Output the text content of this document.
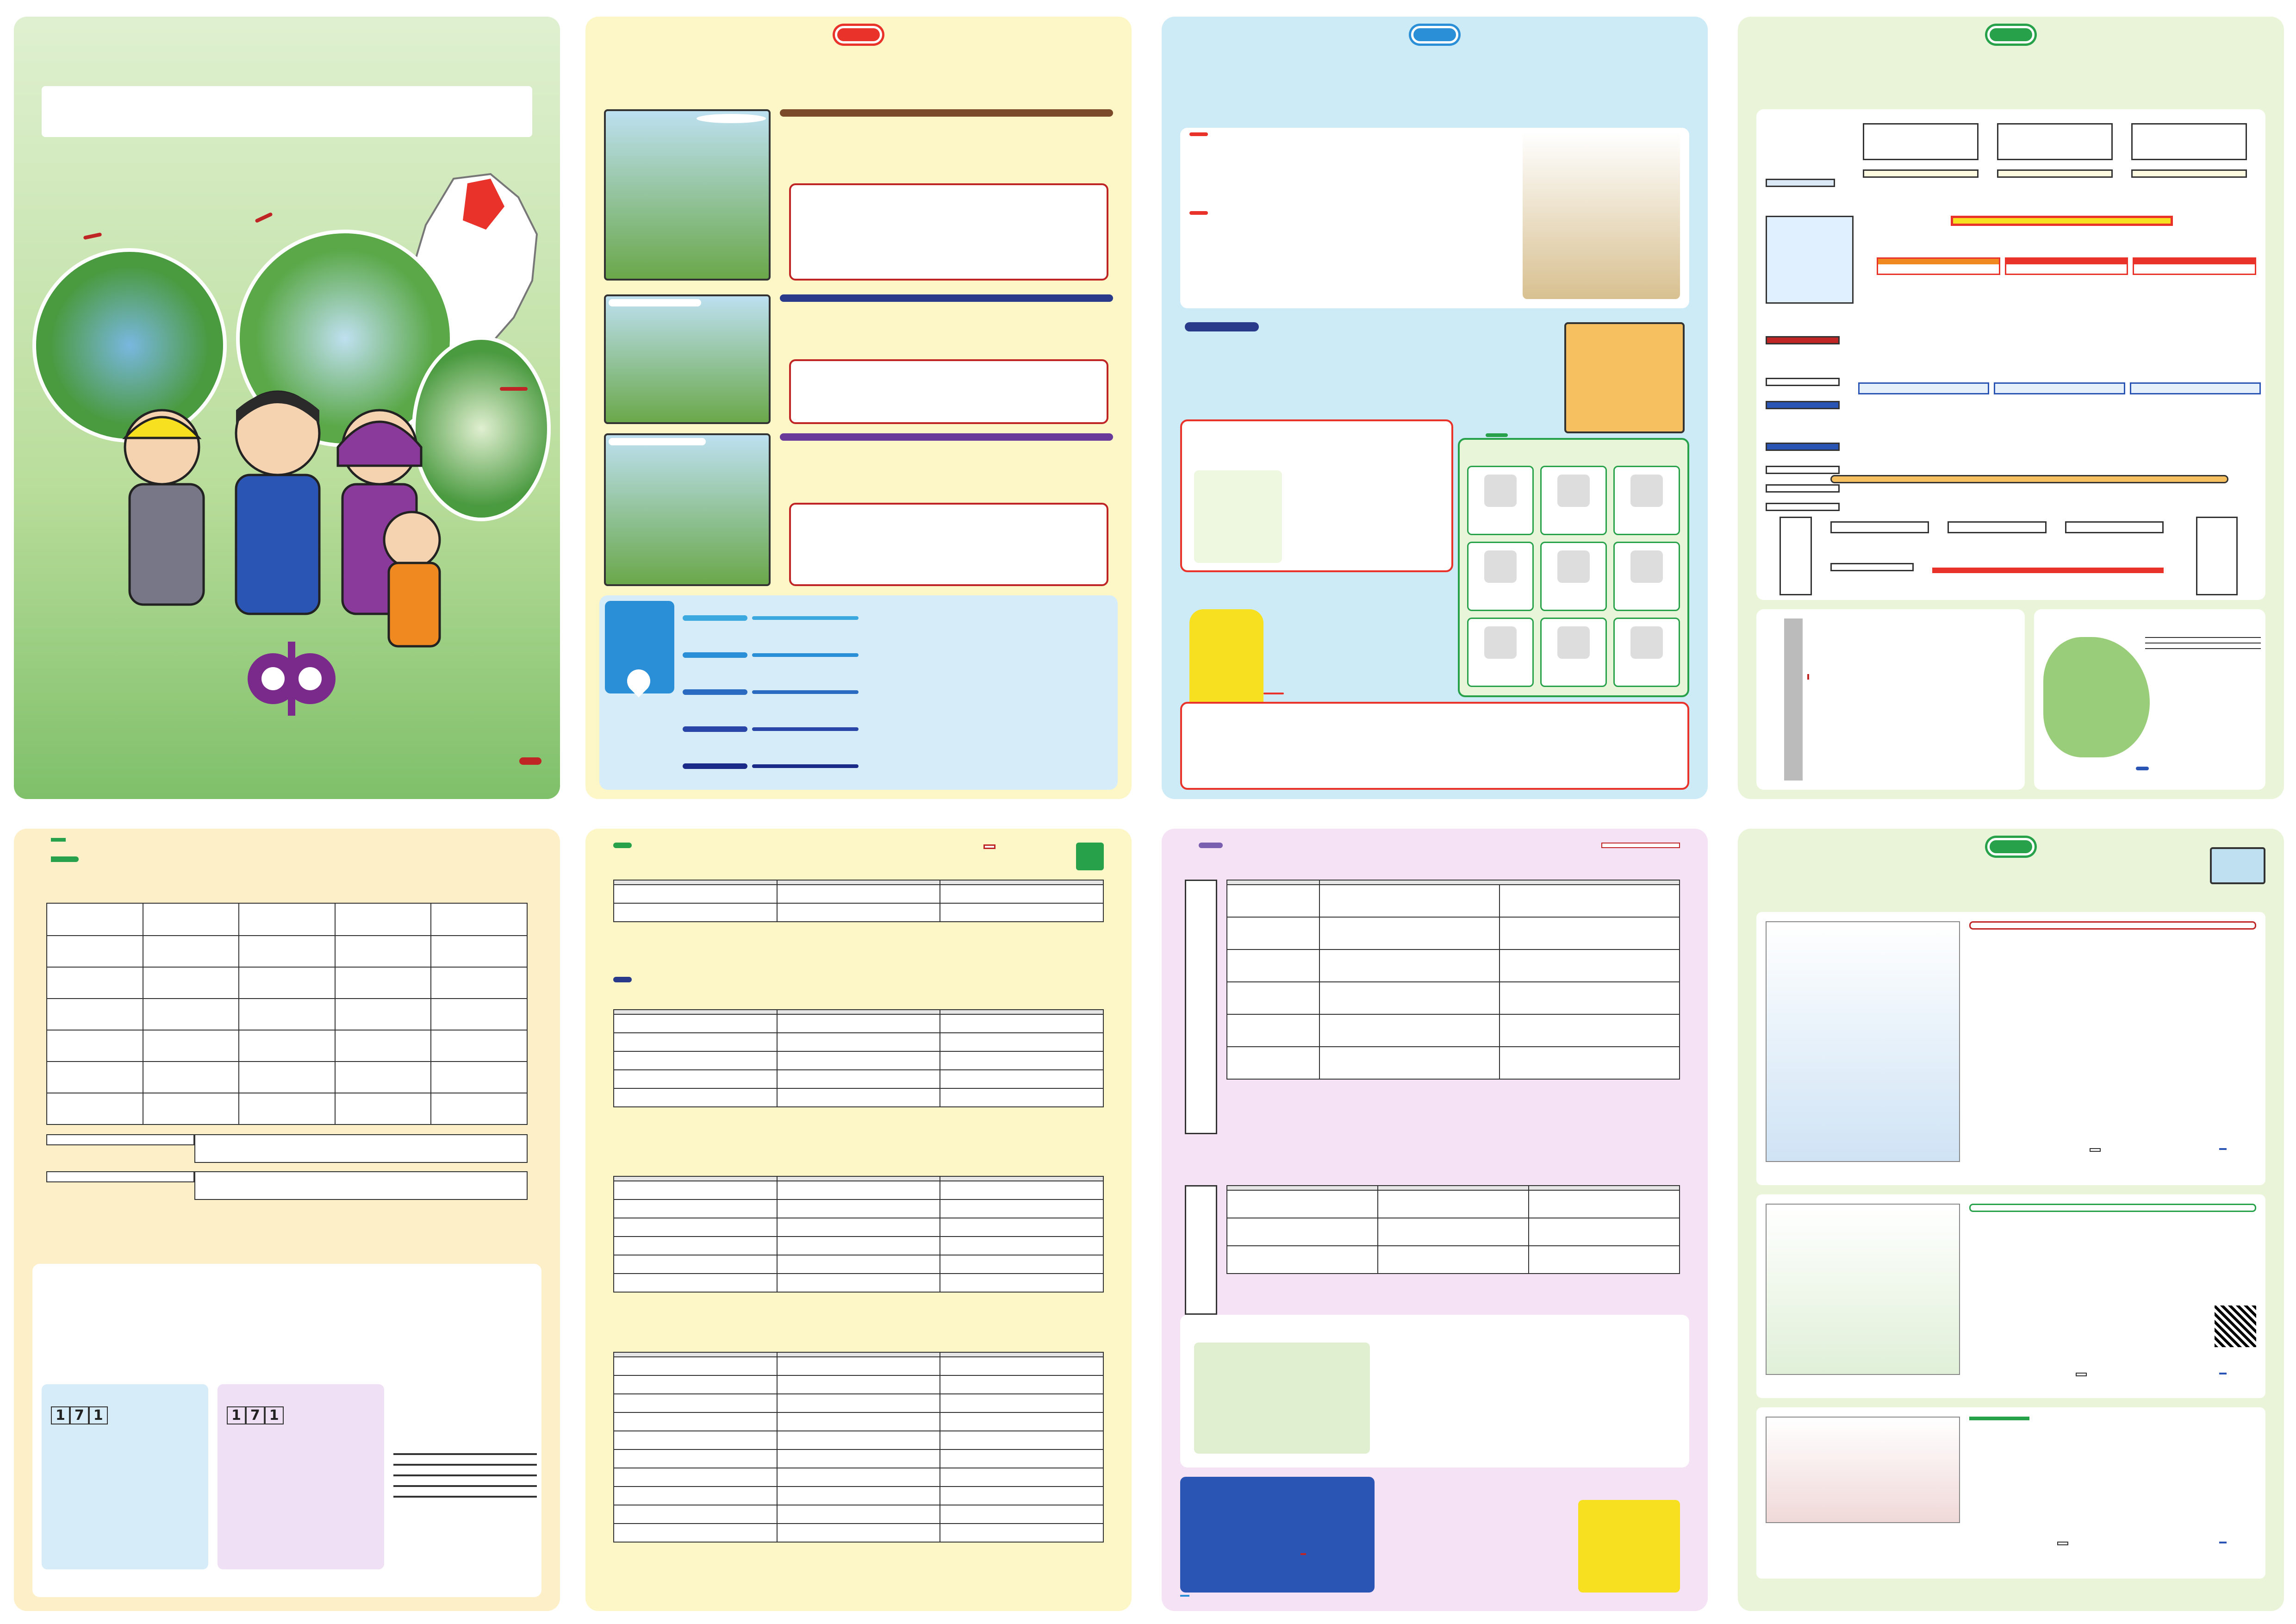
1 7 1	1 7 1
